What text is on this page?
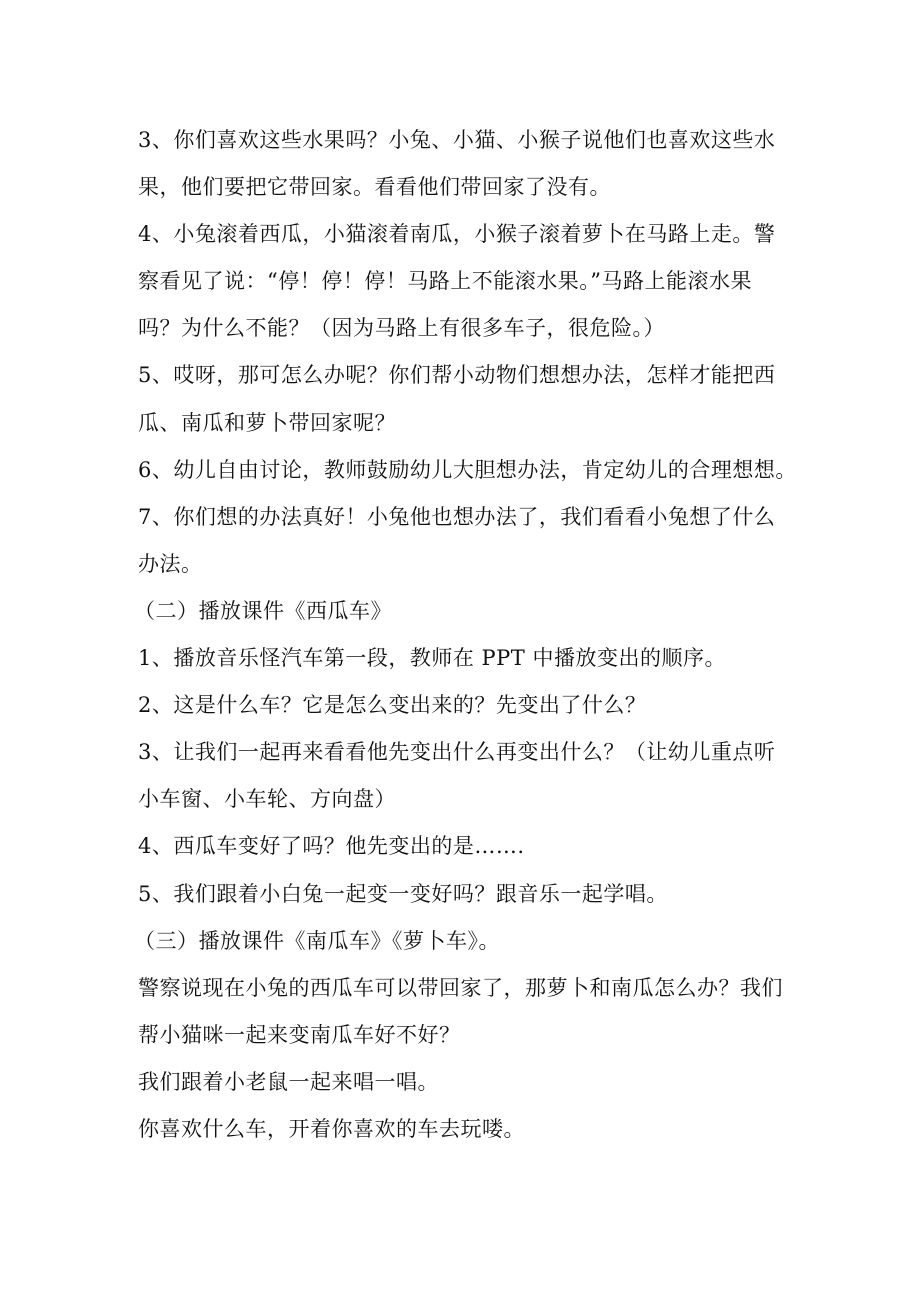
3、你们喜欢这些水果吗？小兔、小猫、小猴子说他们也喜欢这些水
果，他们要把它带回家。看看他们带回家了没有。
4、小兔滚着西瓜，小猫滚着南瓜，小猴子滚着萝卜在马路上走。警
察看见了说：“停！停！停！马路上不能滚水果。”马路上能滚水果
吗？为什么不能？（因为马路上有很多车子，很危险。）
5、哎呀，那可怎么办呢？你们帮小动物们想想办法，怎样才能把西
瓜、南瓜和萝卜带回家呢？
6、幼儿自由讨论，教师鼓励幼儿大胆想办法，肯定幼儿的合理想想。
7、你们想的办法真好！小兔他也想办法了，我们看看小兔想了什么
办法。
（二）播放课件《西瓜车》
1、播放音乐怪汽车第一段，教师在 PPT 中播放变出的顺序。
2、这是什么车？它是怎么变出来的？先变出了什么？
3、让我们一起再来看看他先变出什么再变出什么？（让幼儿重点听
小车窗、小车轮、方向盘）
4、西瓜车变好了吗？他先变出的是…….
5、我们跟着小白兔一起变一变好吗？跟音乐一起学唱。
（三）播放课件《南瓜车》《萝卜车》。
警察说现在小兔的西瓜车可以带回家了，那萝卜和南瓜怎么办？我们
帮小猫咪一起来变南瓜车好不好？
我们跟着小老鼠一起来唱一唱。
你喜欢什么车，开着你喜欢的车去玩喽。
